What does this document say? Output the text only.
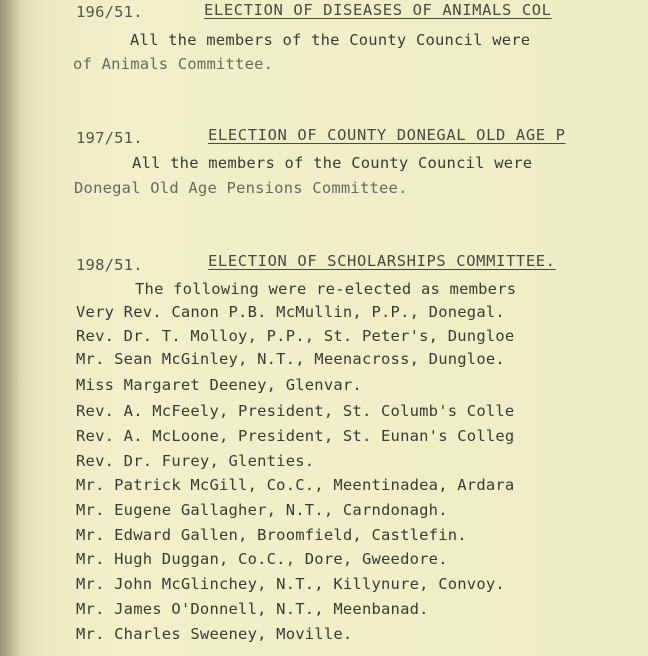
196/51.	ELECTION OF DISEASES OF ANIMALS COL
All the members of the County Council were
of Animals Committee.
197/51.	ELECTION OF COUNTY DONEGAL OLD AGE P
All the members of the County Council were
Donegal Old Age Pensions Committee.
198/51.	ELECTION OF SCHOLARSHIPS COMMITTEE.
The following were re-elected as members
Very Rev. Canon P.B. McMullin, P.P., Donegal.
Rev. Dr. T. Molloy, P.P., St. Peter's, Dungloe
Mr. Sean McGinley, N.T., Meenacross, Dungloe.
Miss Margaret Deeney, Glenvar.
Rev. A. McFeely, President, St. Columb's Colle
Rev. A. McLoone, President, St. Eunan's Colleg
Rev. Dr. Furey, Glenties.
Mr. Patrick McGill, Co.C., Meentinadea, Ardara
Mr. Eugene Gallagher, N.T., Carndonagh.
Mr. Edward Gallen, Broomfield, Castlefin.
Mr. Hugh Duggan, Co.C., Dore, Gweedore.
Mr. John McGlinchey, N.T., Killynure, Convoy.
Mr. James O'Donnell, N.T., Meenbanad.
Mr. Charles Sweeney, Moville.
